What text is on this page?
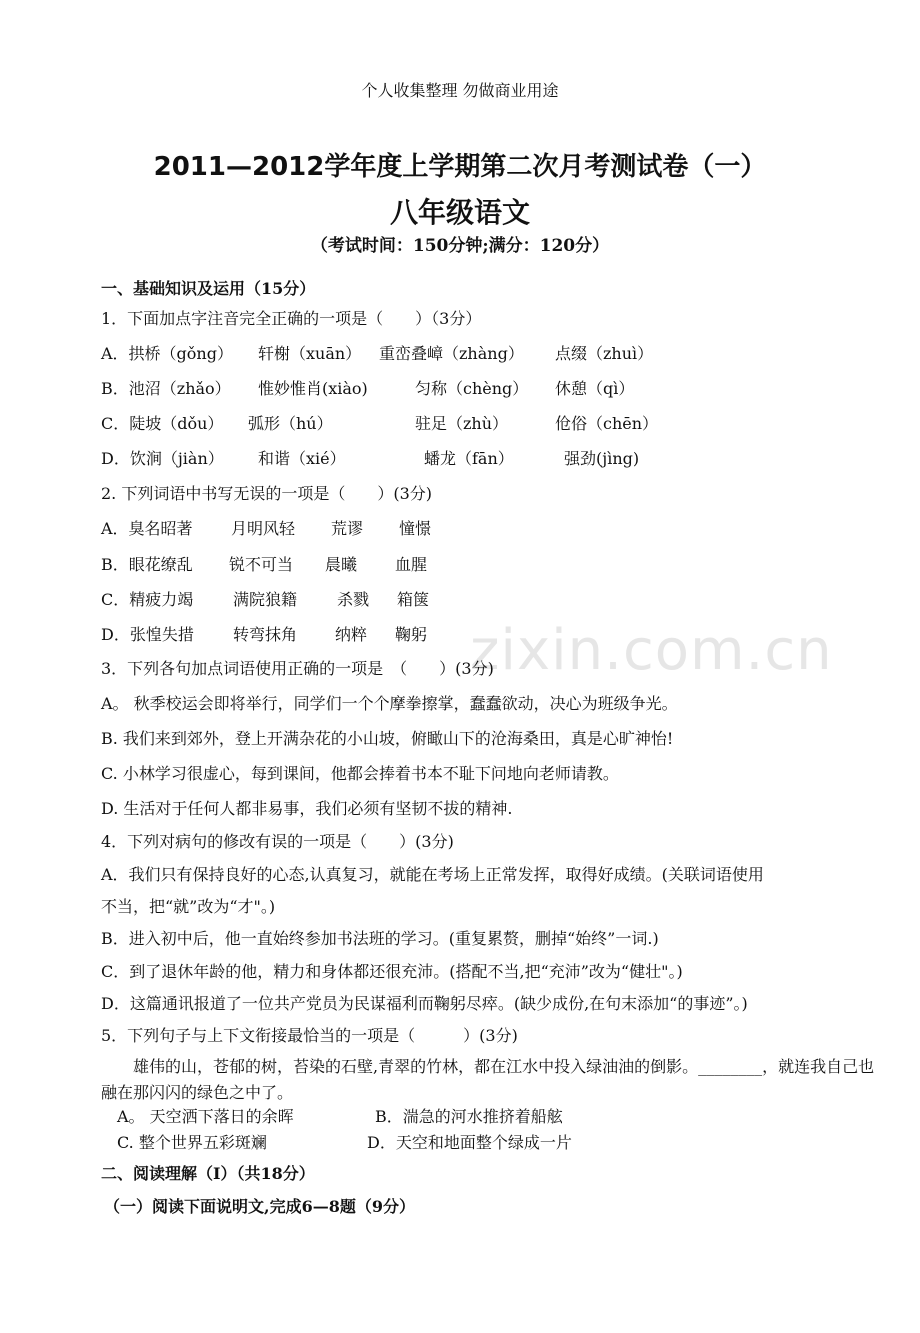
zixin.com.cn
个人收集整理 勿做商业用途
2011—2012学年度上学期第二次月考测试卷（一）
八年级语文
（考试时间：150分钟;满分：120分）
一、基础知识及运用（15分）
1．下面加点字注音完全正确的一项是（　　）（3分）
A．拱桥（gǒng） 轩榭（xuān） 重峦叠嶂（zhàng） 点缀（zhuì）
B．池沼（zhǎo） 惟妙惟肖(xiào)	匀称（chèng） 休憩（qì）
C．陡坡（dǒu） 弧形（hú）	驻足（zhù）	伧俗（chēn）
D．饮涧（jiàn） 和谐（xié）	蟠龙（fān）	强劲(jìng)
2. 下列词语中书写无误的一项是（　　）(3分)
A．臭名昭著 月明风轻 荒谬 憧憬
B．眼花缭乱 锐不可当 晨曦 血腥
C．精疲力竭 满院狼籍 杀戮 箱箧
D．张惶失措 转弯抹角 纳粹 鞠躬
3．下列各句加点词语使用正确的一项是　（　　）(3分)
A。 秋季校运会即将举行，同学们一个个摩拳擦掌，蠢蠢欲动，决心为班级争光。
B. 我们来到郊外，登上开满杂花的小山坡，俯瞰山下的沧海桑田，真是心旷神怡!
C. 小林学习很虚心，每到课间，他都会捧着书本不耻下问地向老师请教。
D. 生活对于任何人都非易事，我们必须有坚韧不拔的精神.
4．下列对病句的修改有误的一项是（　　）(3分)
A．我们只有保持良好的心态,认真复习，就能在考场上正常发挥，取得好成绩。(关联词语使用
不当，把“就”改为“才"。)
B．进入初中后，他一直始终参加书法班的学习。(重复累赘，删掉“始终”一词.)
C．到了退休年龄的他，精力和身体都还很充沛。(搭配不当,把“充沛”改为“健壮"。)
D．这篇通讯报道了一位共产党员为民谋福利而鞠躬尽瘁。(缺少成份,在句末添加“的事迹”。)
5．下列句子与上下文衔接最恰当的一项是（　　　）(3分)
雄伟的山，苍郁的树，苔染的石壁,青翠的竹林，都在江水中投入绿油油的倒影。________，就连我自己也融在那闪闪的绿色之中了。
A。 天空洒下落日的余晖	B．湍急的河水推挤着船舷
C. 整个世界五彩斑斓	D．天空和地面整个绿成一片
二、阅读理解（Ⅰ）（共18分）
（一）阅读下面说明文,完成6—8题（9分）
